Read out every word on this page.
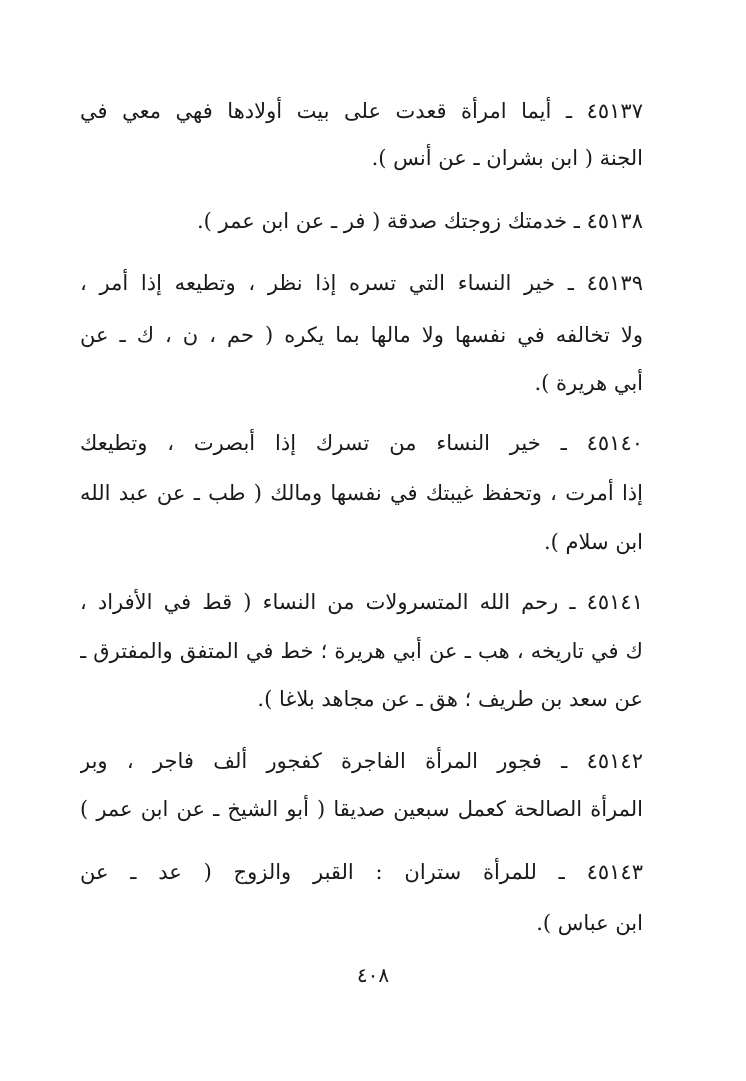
٤٥١٣٧ ـ أيما امرأة قعدت على بيت أولادها فهي معي في
الجنة ( ابن بشران ـ عن أنس ).
٤٥١٣٨ ـ خدمتك زوجتك صدقة ( فر ـ عن ابن عمر ).
٤٥١٣٩ ـ خير النساء التي تسره إذا نظر ، وتطيعه إذا أمر ،
ولا تخالفه في نفسها ولا مالها بما يكره ( حم ، ن ، ك ـ عن
أبي هريرة ).
٤٥١٤٠ ـ خير النساء من تسرك إذا أبصرت ، وتطيعك
إذا أمرت ، وتحفظ غيبتك في نفسها ومالك ( طب ـ عن عبد الله
ابن سلام ).
٤٥١٤١ ـ رحم الله المتسرولات من النساء ( قط في الأفراد ،
ك في تاريخه ، هب ـ عن أبي هريرة ؛ خط في المتفق والمفترق ـ
عن سعد بن طريف ؛ هق ـ عن مجاهد بلاغا ).
٤٥١٤٢ ـ فجور المرأة الفاجرة كفجور ألف فاجر ، وبر
المرأة الصالحة كعمل سبعين صديقا ( أبو الشيخ ـ عن ابن عمر )
٤٥١٤٣ ـ للمرأة ستران : القبر والزوج ( عد ـ عن
ابن عباس ).
٤٠٨
